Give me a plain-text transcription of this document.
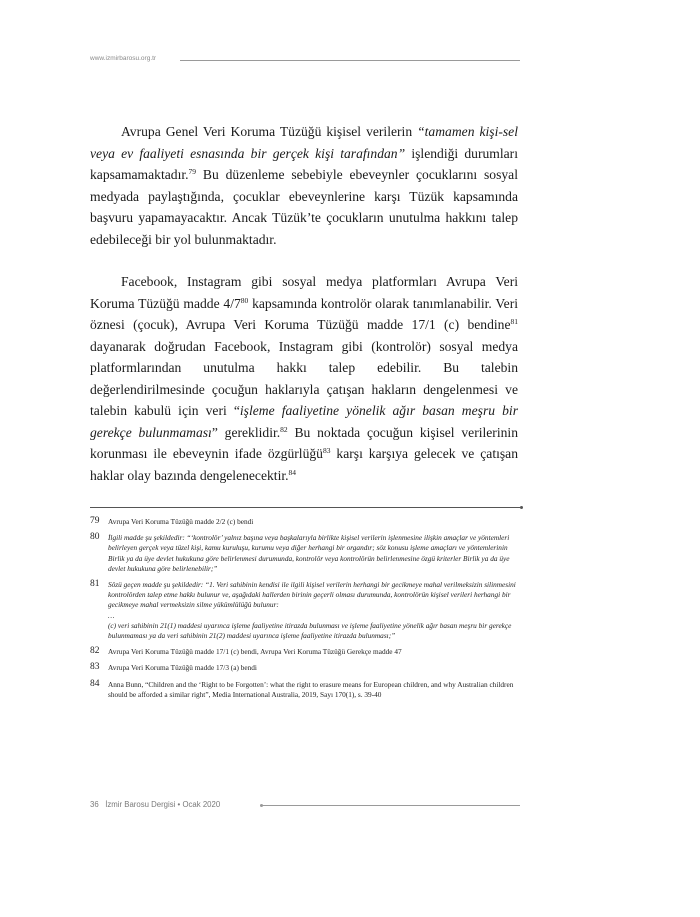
www.izmirbarosu.org.tr

Avrupa Genel Veri Koruma Tüzüğü kişisel verilerin “tamamen kişi-sel veya ev faaliyeti esnasında bir gerçek kişi tarafından” işlendiği durumları kapsamamaktadır.$^{79}$ Bu düzenleme sebebiyle ebeveynler çocuklarını sosyal medyada paylaştığında, çocuklar ebeveynlerine karşı Tüzük kapsamında başvuru yapamayacaktır. Ancak Tüzük’te çocukların unutulma hakkını talep edebileceği bir yol bulunmaktadır.

Facebook, Instagram gibi sosyal medya platformları Avrupa Veri Koruma Tüzüğü madde $4/7^{80}$ kapsamında kontrolör olarak tanımlanabilir. Veri öznesi (çocuk), Avrupa Veri Koruma Tüzüğü madde 17/1 (c) bendine$^{81}$ dayanarak doğrudan Facebook, Instagram gibi (kontrolör) sosyal medya platformlarından unutulma hakkı talep edebilir. Bu talebin değerlendirilmesinde çocuğun haklarıyla çatışan hakların dengelenmesi ve talebin kabulü için veri “işleme faaliyetine yönelik ağır basan meşru bir gerekçe bulunmaması” gereklidir.$^{82}$ Bu noktada çocuğun kişisel verilerinin korunması ile ebeveynin ifade özgürlüğü$^{83}$ karşı karşıya gelecek ve çatışan haklar olay bazında dengelenecektir.$^{84}$

79 Avrupa Veri Koruma Tüzüğü madde 2/2 (c) bendi
80 İlgili madde şu şekildedir: “‘kontrolör’ yalnız başına veya başkalarıyla birlikte kişisel verilerin işlenmesine ilişkin amaçlar ve yöntemleri belirleyen gerçek veya tüzel kişi, kamu kuruluşu, kurumu veya diğer herhangi bir organdır; söz konusu işleme amaçları ve yöntemlerinin Birlik ya da üye devlet hukukuna göre belirlenmesi durumunda, kontrolör veya kontrolörün belirlenmesine özgü kriterler Birlik ya da üye devlet hukukuna göre belirlenebilir;”
81 Sözü geçen madde şu şekildedir: “1. Veri sahibinin kendisi ile ilgili kişisel verilerin herhangi bir gecikmeye mahal verilmeksizin silinmesini kontrolörden talep etme hakkı bulunur ve, aşağıdaki hallerden birinin geçerli olması durumunda, kontrolörün kişisel verileri herhangi bir gecikmeye mahal vermeksizin silme yükümlülüğü bulunur:
…
(c) veri sahibinin 21(1) maddesi uyarınca işleme faaliyetine itirazda bulunması ve işleme faaliyetine yönelik ağır basan meşru bir gerekçe bulunmaması ya da veri sahibinin 21(2) maddesi uyarınca işleme faaliyetine itirazda bulunması;”
82 Avrupa Veri Koruma Tüzüğü madde 17/1 (c) bendi, Avrupa Veri Koruma Tüzüğü Gerekçe madde 47
83 Avrupa Veri Koruma Tüzüğü madde 17/3 (a) bendi
84 Anna Bunn, “Children and the ‘Right to be Forgotten’: what the right to erasure means for European children, and why Australian children should be afforded a similar right”, Media International Australia, 2019, Sayı 170(1), s. 39-40
36 İzmir Barosu Dergisi • Ocak 2020
